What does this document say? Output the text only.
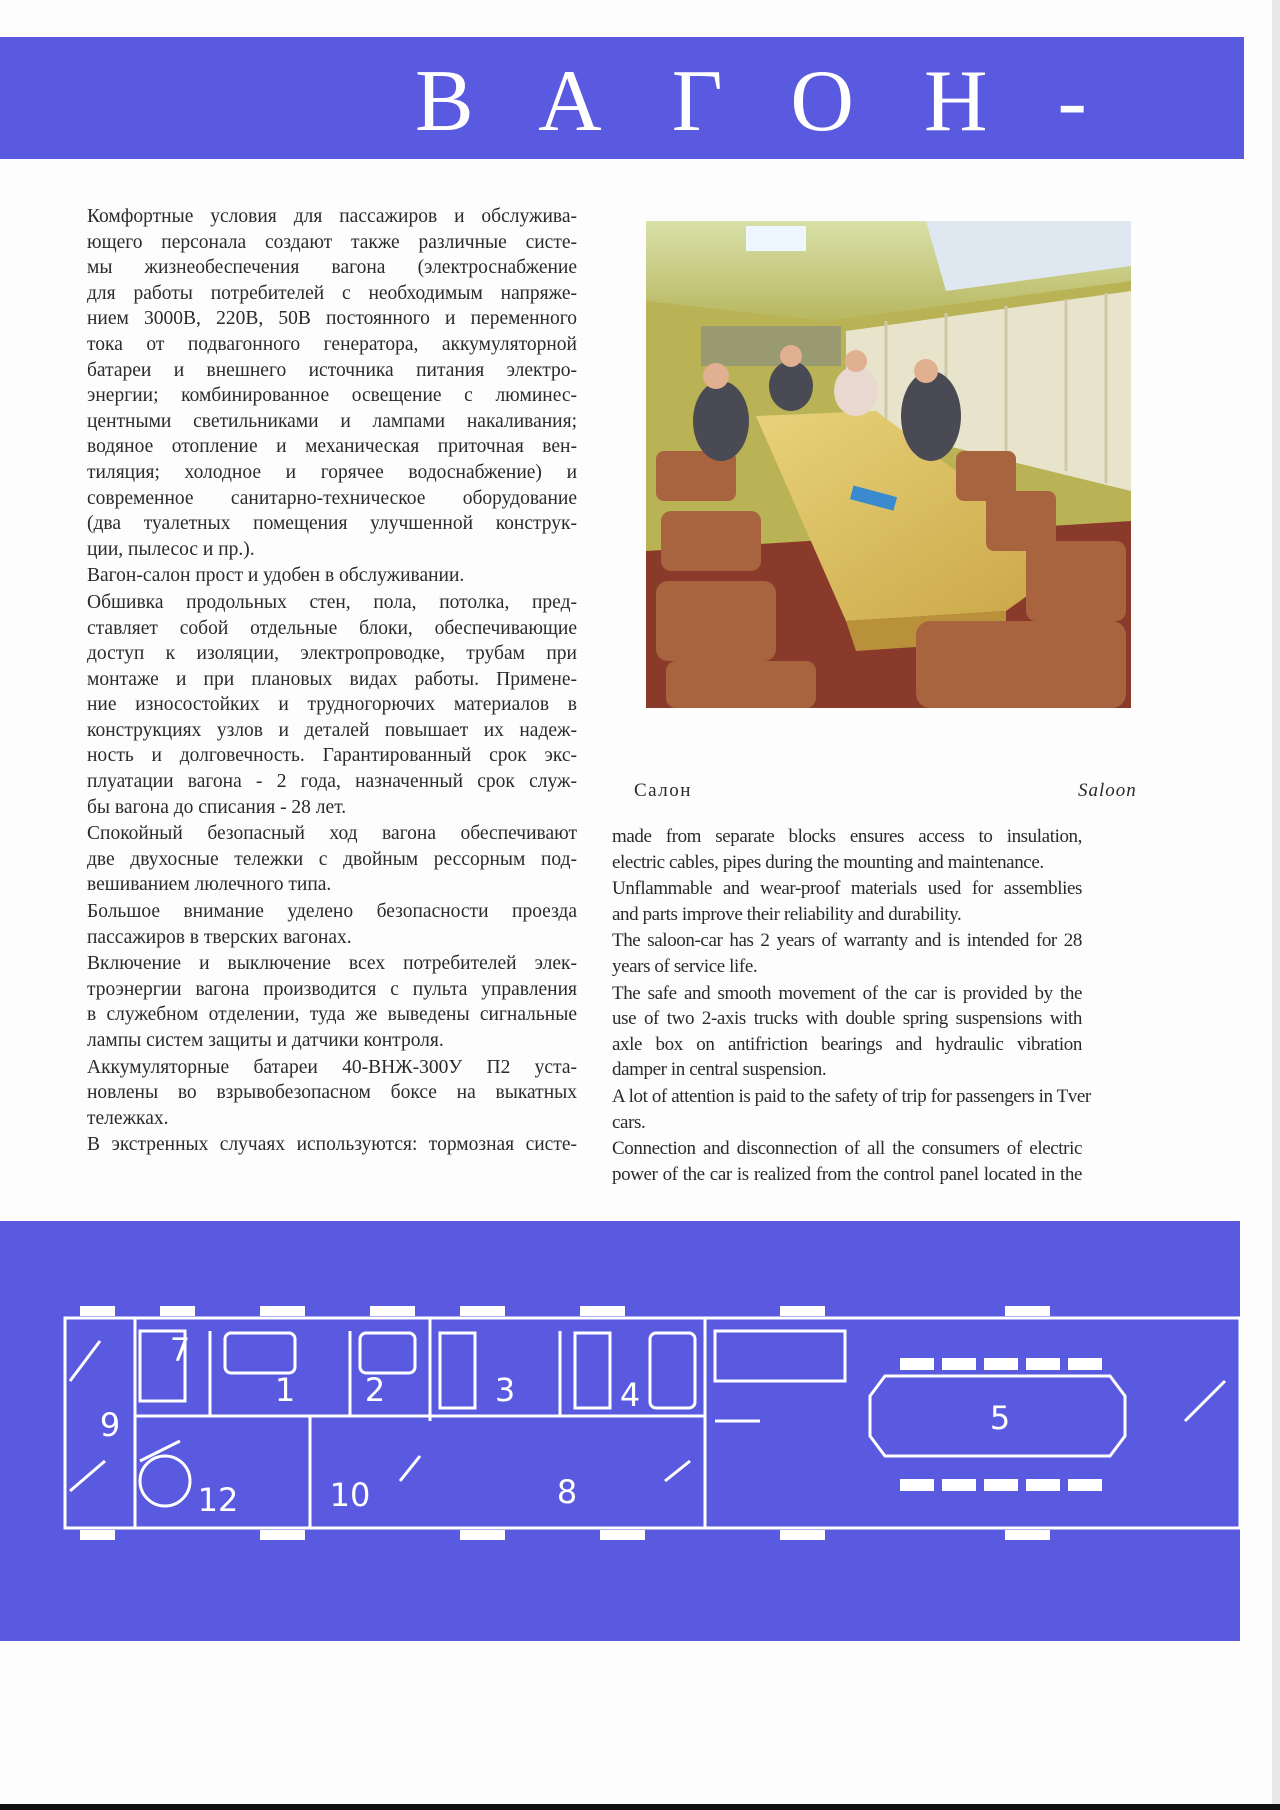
ВАГОН-
Комфортные условия для пассажиров и обслужива-
ющего персонала создают также различные систе-
мы жизнеобеспечения вагона (электроснабжение
для работы потребителей с необходимым напряже-
нием 3000В, 220В, 50В постоянного и переменного
тока от подвагонного генератора, аккумуляторной
батареи и внешнего источника питания электро-
энергии; комбинированное освещение с люминес-
центными светильниками и лампами накаливания;
водяное отопление и механическая приточная вен-
тиляция; холодное и горячее водоснабжение) и
современное санитарно-техническое оборудование
(два туалетных помещения улучшенной конструк-
ции, пылесос и пр.).
Вагон-салон прост и удобен в обслуживании.
Обшивка продольных стен, пола, потолка, пред-
ставляет собой отдельные блоки, обеспечивающие
доступ к изоляции, электропроводке, трубам при
монтаже и при плановых видах работы. Примене-
ние износостойких и трудногорючих материалов в
конструкциях узлов и деталей повышает их надеж-
ность и долговечность. Гарантированный срок экс-
плуатации вагона - 2 года, назначенный срок служ-
бы вагона до списания - 28 лет.
Спокойный безопасный ход вагона обеспечивают
две двухосные тележки с двойным рессорным под-
вешиванием люлечного типа.
Большое внимание уделено безопасности проезда
пассажиров в тверских вагонах.
Включение и выключение всех потребителей элек-
троэнергии вагона производится с пульта управления
в служебном отделении, туда же выведены сигнальные
лампы систем защиты и датчики контроля.
Аккумуляторные батареи 40-ВНЖ-300У П2 уста-
новлены во взрывобезопасном боксе на выкатных
тележках.
В экстренных случаях используются: тормозная систе-
Салон	Saloon
made from separate blocks ensures access to insulation,
electric cables, pipes during the mounting and maintenance.
Unflammable and wear-proof materials used for assemblies
and parts improve their reliability and durability.
The saloon-car has 2 years of warranty and is intended for 28
years of service life.
The safe and smooth movement of the car is provided by the
use of two 2-axis trucks with double spring suspensions with
axle box on antifriction bearings and hydraulic vibration
damper in central suspension.
A lot of attention is paid to the safety of trip for passengers in Tver
cars.
Connection and disconnection of all the consumers of electric
power of the car is realized from the control panel located in the
1 2	3	4
5
7
8
9
10
12
